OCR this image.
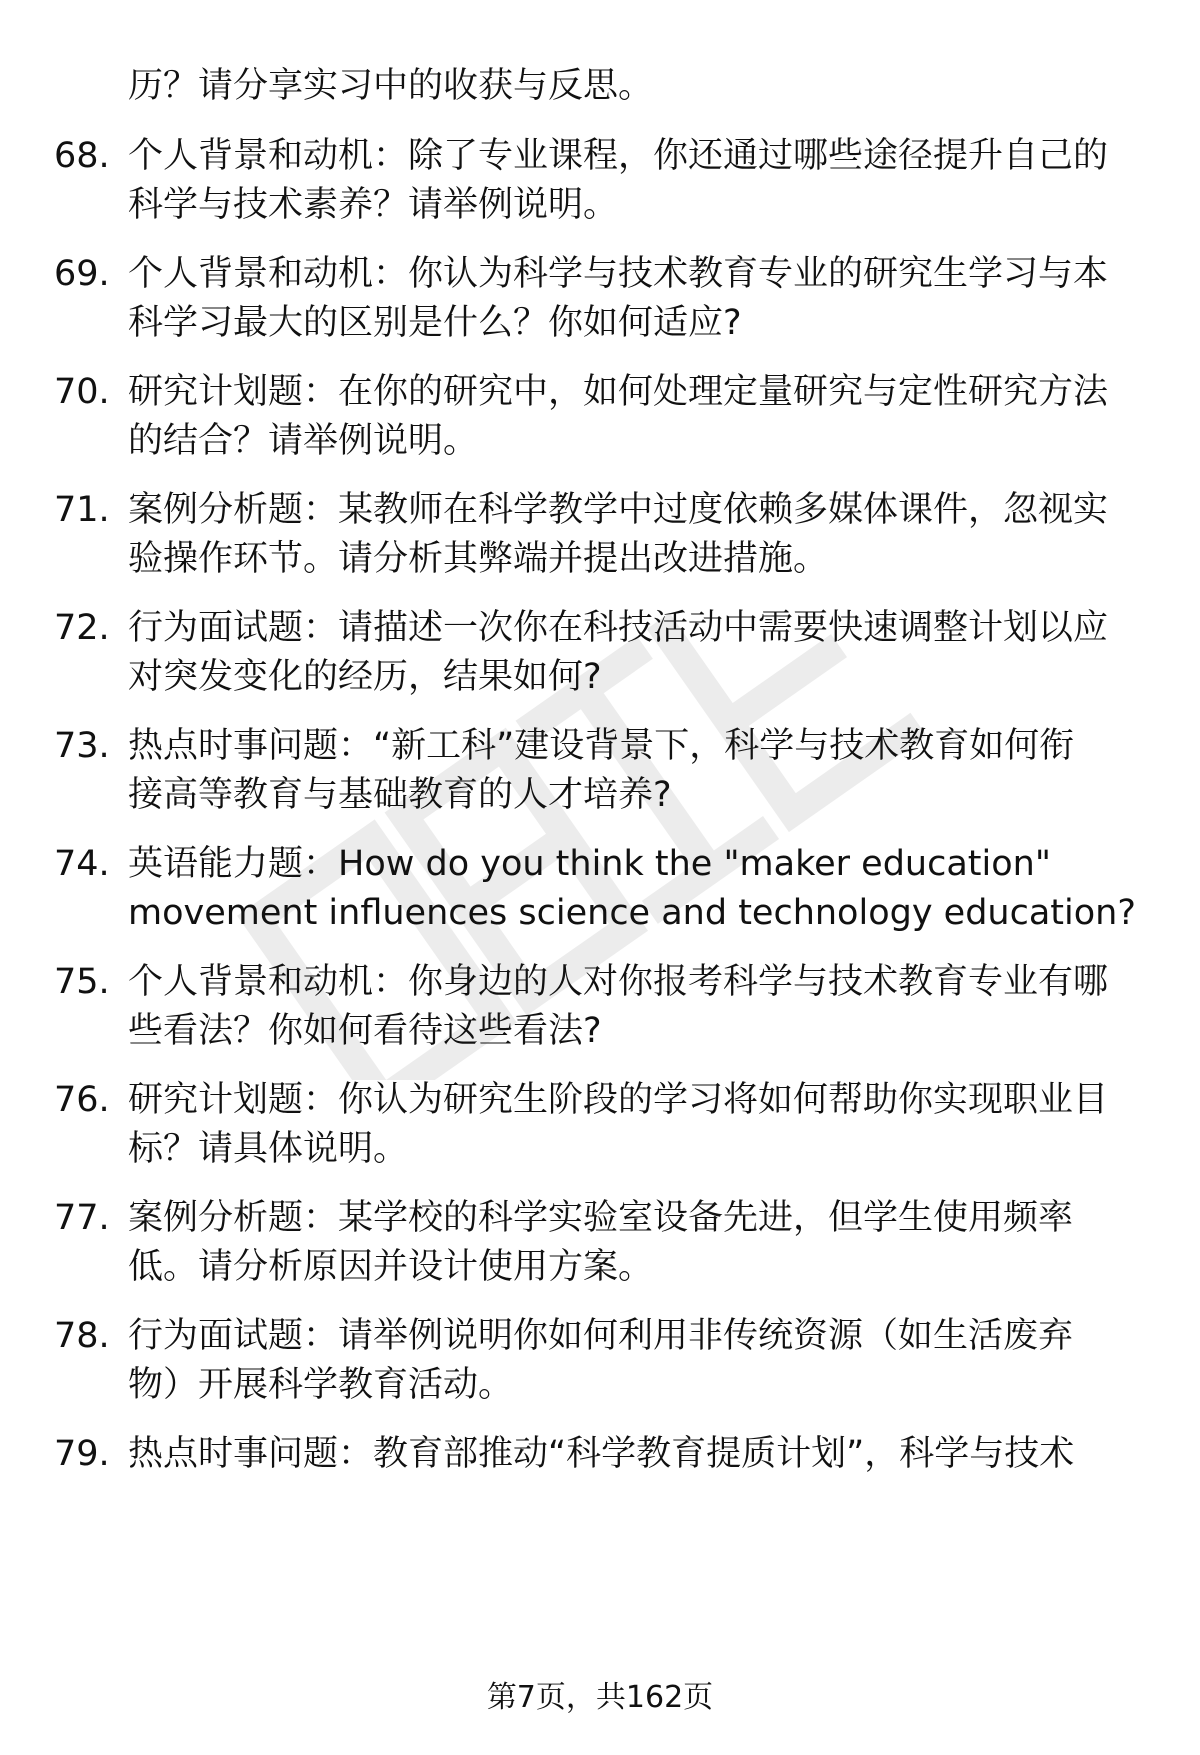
历？请分享实习中的收获与反思。
68. 个人背景和动机：除了专业课程，你还通过哪些途径提升自己的
科学与技术素养？请举例说明。
69. 个人背景和动机：你认为科学与技术教育专业的研究生学习与本
科学习最大的区别是什么？你如何适应?
70. 研究计划题：在你的研究中，如何处理定量研究与定性研究方法
的结合？请举例说明。
71. 案例分析题：某教师在科学教学中过度依赖多媒体课件，忽视实
验操作环节。请分析其弊端并提出改进措施。
72. 行为面试题：请描述一次你在科技活动中需要快速调整计划以应
对突发变化的经历，结果如何?
73. 热点时事问题：“新工科”建设背景下，科学与技术教育如何衔
接高等教育与基础教育的人才培养?
74. 英语能力题：How do you think the "maker education"
movement influences science and technology education?
75. 个人背景和动机：你身边的人对你报考科学与技术教育专业有哪
些看法？你如何看待这些看法?
76. 研究计划题：你认为研究生阶段的学习将如何帮助你实现职业目
标？请具体说明。
77. 案例分析题：某学校的科学实验室设备先进，但学生使用频率
低。请分析原因并设计使用方案。
78. 行为面试题：请举例说明你如何利用非传统资源（如生活废弃
物）开展科学教育活动。
79. 热点时事问题：教育部推动“科学教育提质计划”，科学与技术
第7页，共162页
